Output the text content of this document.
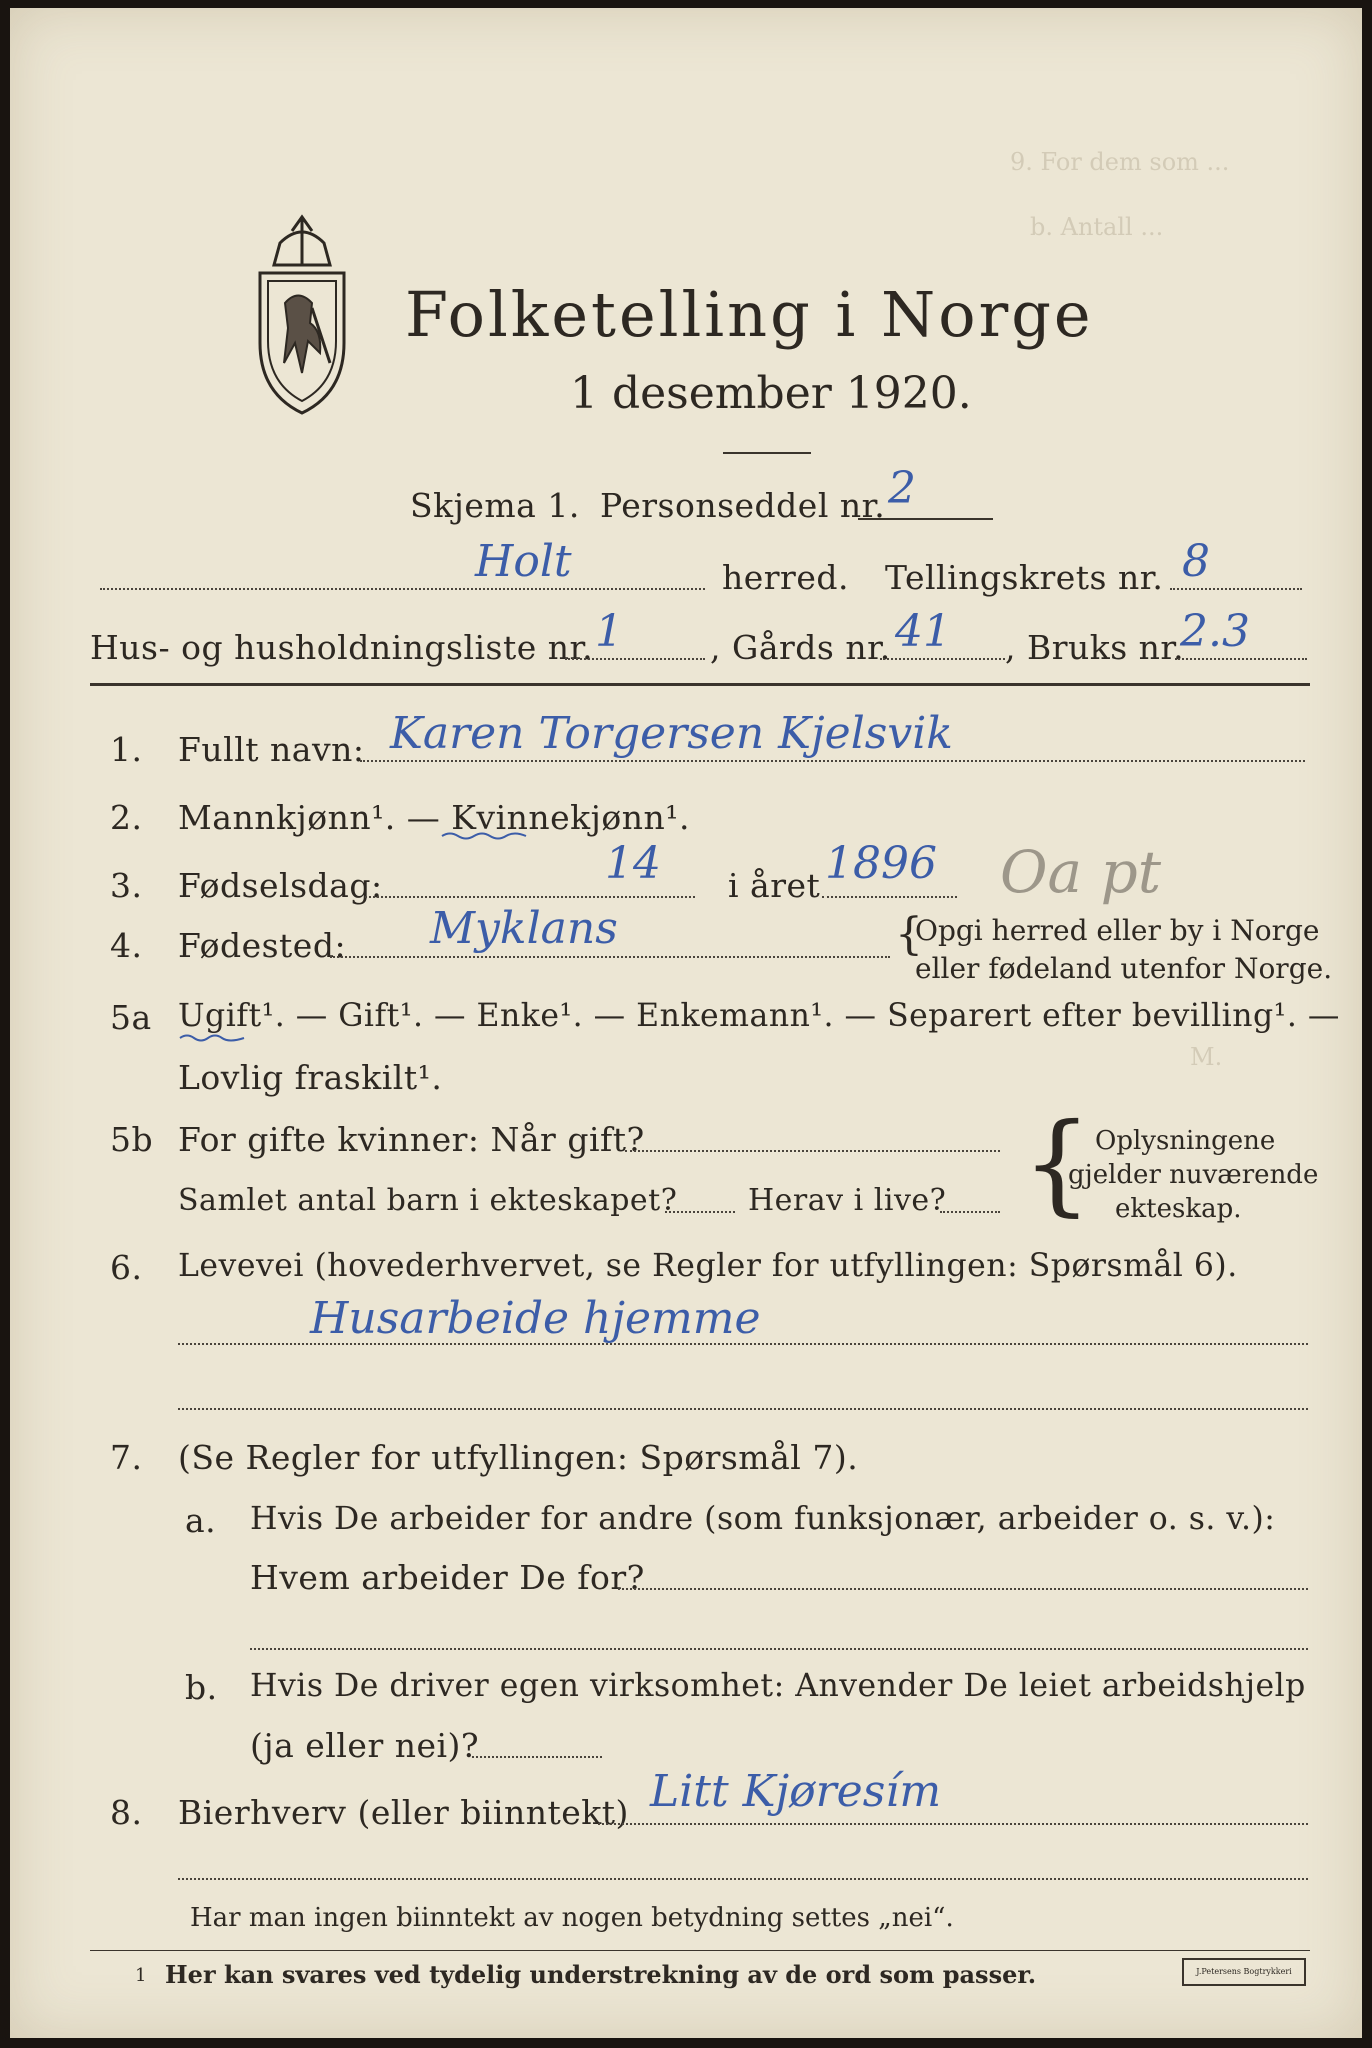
9. For dem som ...
b. Antall ...
M.
Folketelling i Norge
1 desember 1920.
Skjema 1. Personseddel nr. 2
Holt	herred. Tellingskrets nr. 8
Hus- og husholdningsliste nr. 1	, Gårds nr. 41 , Bruks nr.
2.3
1. Fullt navn: Karen Torgersen Kjelsvik
2. Mannkjønn¹. — Kvinnekjønn¹.
3. Fødselsdag:	14 i året 1896 Oa pt
4. Fødested: Myklans	{
Opgi herred eller by i Norge
eller fødeland utenfor Norge.
5a Ugift¹. — Gift¹. — Enke¹. — Enkemann¹. — Separert efter bevilling¹. —
Lovlig fraskilt¹.
5b For gifte kvinner: Når gift?
Samlet antal barn i ekteskapet? Herav i live? { Oplysningene
gjelder nuværende
ekteskap.
6. Levevei (hovederhvervet, se Regler for utfyllingen: Spørsmål 6).
Husarbeide hjemme
7. (Se Regler for utfyllingen: Spørsmål 7).
a. Hvis De arbeider for andre (som funksjonær, arbeider o. s. v.):
Hvem arbeider De for?
b. Hvis De driver egen virksomhet: Anvender De leiet arbeidshjelp
(ja eller nei)?
8. Bierhverv (eller biinntekt) Litt Kjøresím
Har man ingen biinntekt av nogen betydning settes „nei“.
1 Her kan svares ved tydelig understrekning av de ord som passer.	J.Petersens Bogtrykkeri
